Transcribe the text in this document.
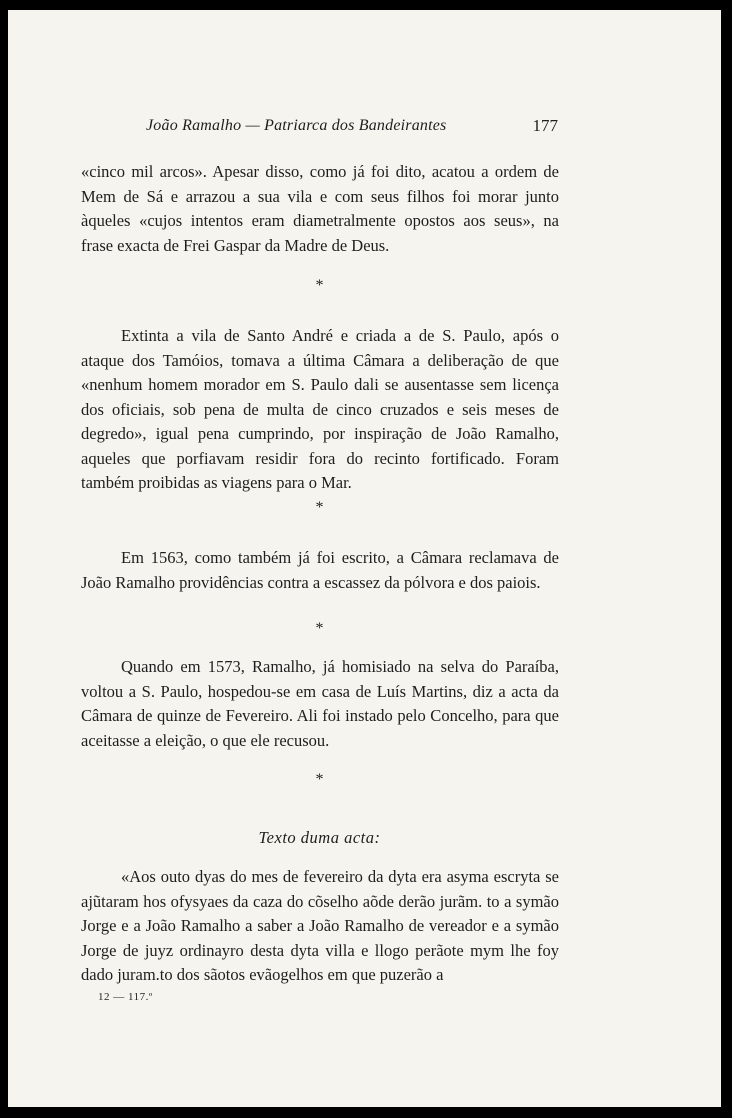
João Ramalho — Patriarca dos Bandeirantes	177

«cinco mil arcos». Apesar disso, como já foi dito, acatou a ordem de Mem de Sá e arrazou a sua vila e com seus filhos foi morar junto àqueles «cujos intentos eram diametralmente opostos aos seus», na frase exacta de Frei Gaspar da Madre de Deus.

*

Extinta a vila de Santo André e criada a de S. Paulo, após o ataque dos Tamóios, tomava a última Câmara a deliberação de que «nenhum homem morador em S. Paulo dali se ausentasse sem licença dos oficiais, sob pena de multa de cinco cruzados e seis meses de degredo», igual pena cumprindo, por inspiração de João Ramalho, aqueles que porfiavam residir fora do recinto fortificado. Foram também proibidas as viagens para o Mar.

*

Em 1563, como também já foi escrito, a Câmara reclamava de João Ramalho providências contra a escassez da pólvora e dos paiois.

*

Quando em 1573, Ramalho, já homisiado na selva do Paraíba, voltou a S. Paulo, hospedou-se em casa de Luís Martins, diz a acta da Câmara de quinze de Fevereiro. Ali foi instado pelo Concelho, para que aceitasse a eleição, o que ele recusou.

*
Texto duma acta:

«Aos outo dyas do mes de fevereiro da dyta era asyma escryta se ajũtaram hos ofysyaes da caza do cõselho aõde derão jurãm. to a symão Jorge e a João Ramalho a saber a João Ramalho de vereador e a symão Jorge de juyz ordinayro desta dyta villa e llogo perãote mym lhe foy dado juram.to dos sãotos evãogelhos em que puzerão a

12 — 117.º
